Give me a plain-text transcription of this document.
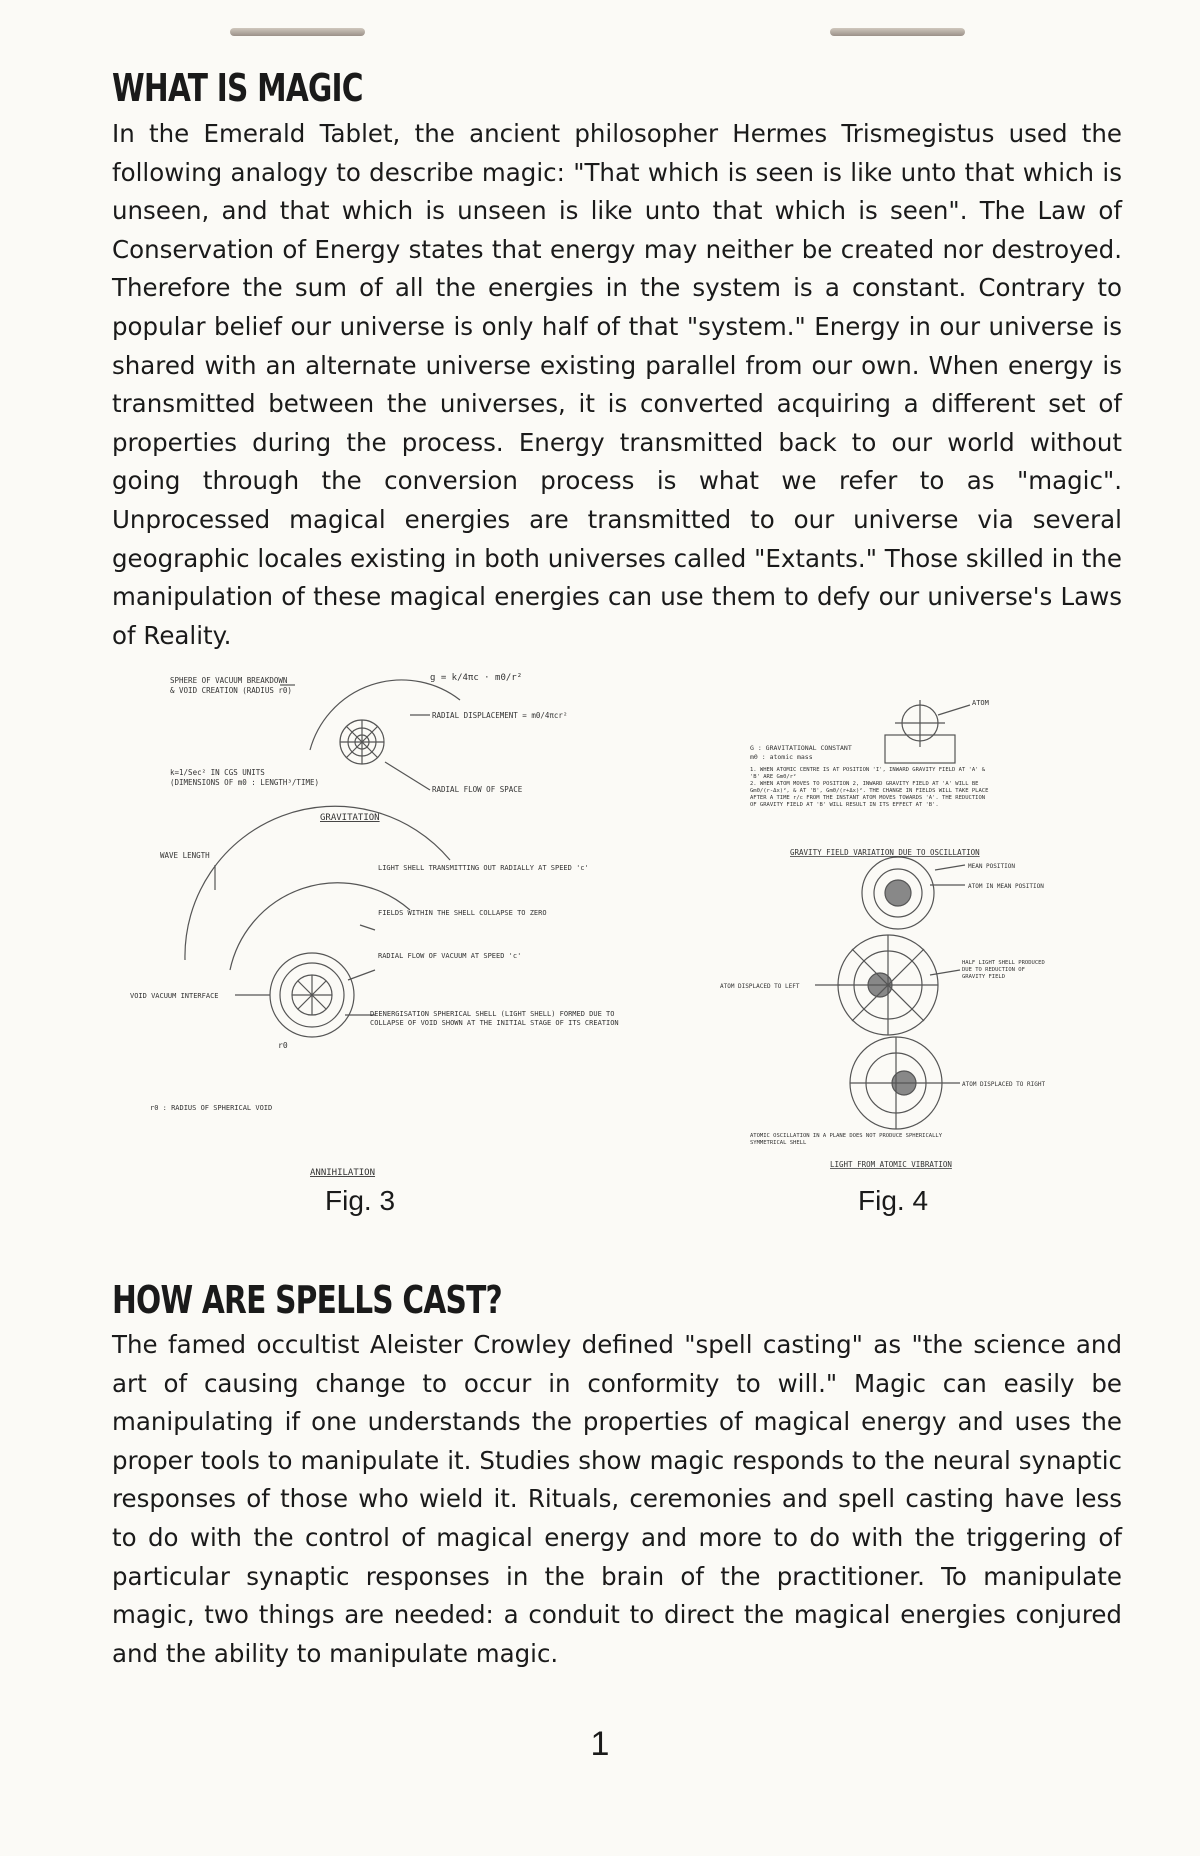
WHAT IS MAGIC

In the Emerald Tablet, the ancient philosopher Hermes Trismegistus used the following analogy to describe magic: "That which is seen is like unto that which is unseen, and that which is unseen is like unto that which is seen". The Law of Conservation of Energy states that energy may neither be created nor destroyed. Therefore the sum of all the energies in the system is a constant. Contrary to popular belief our universe is only half of that "system." Energy in our universe is shared with an alternate universe existing parallel from our own. When energy is transmitted between the universes, it is converted acquiring a different set of properties during the process. Energy transmitted back to our world without going through the conversion process is what we refer to as "magic". Unprocessed magical energies are transmitted to our universe via several geographic locales existing in both universes called "Extants." Those skilled in the manipulation of these magical energies can use them to defy our universe's Laws of Reality.

SPHERE OF VACUUM BREAKDOWN
& VOID CREATION (RADIUS r0)
k=1/Sec² IN CGS UNITS
(DIMENSIONS OF m0 : LENGTH³/TIME)
g = k/4πc · m0/r²
RADIAL DISPLACEMENT = m0/4πcr²
RADIAL FLOW OF SPACE
GRAVITATION
WAVE LENGTH
LIGHT SHELL TRANSMITTING OUT RADIALLY AT SPEED 'c'
FIELDS WITHIN THE SHELL COLLAPSE TO ZERO
RADIAL FLOW OF VACUUM AT SPEED 'c'
VOID VACUUM INTERFACE
DEENERGISATION SPHERICAL SHELL (LIGHT SHELL) FORMED DUE TO COLLAPSE OF VOID SHOWN AT THE INITIAL STAGE OF ITS CREATION
r0
r0 : RADIUS OF SPHERICAL VOID
ANNIHILATION
Fig. 3
ATOM
G : GRAVITATIONAL CONSTANT
m0 : atomic mass
1. WHEN ATOMIC CENTRE IS AT POSITION 'I', INWARD GRAVITY FIELD AT 'A' & 'B' ARE Gm0/r²
2. WHEN ATOM MOVES TO POSITION 2, INWARD GRAVITY FIELD AT 'A' WILL BE Gm0/(r-Δx)², & AT 'B', Gm0/(r+Δx)². THE CHANGE IN FIELDS WILL TAKE PLACE AFTER A TIME r/c FROM THE INSTANT ATOM MOVES TOWARDS 'A'. THE REDUCTION OF GRAVITY FIELD AT 'B' WILL RESULT IN ITS EFFECT AT 'B'.
GRAVITY FIELD VARIATION DUE TO OSCILLATION
MEAN POSITION
ATOM IN MEAN POSITION
ATOM DISPLACED TO LEFT
HALF LIGHT SHELL PRODUCED DUE TO REDUCTION OF GRAVITY FIELD
ATOM DISPLACED TO RIGHT
ATOMIC OSCILLATION IN A PLANE DOES NOT PRODUCE SPHERICALLY SYMMETRICAL SHELL
LIGHT FROM ATOMIC VIBRATION
Fig. 4
HOW ARE SPELLS CAST?

The famed occultist Aleister Crowley defined "spell casting" as "the science and art of causing change to occur in conformity to will." Magic can easily be manipulating if one understands the properties of magical energy and uses the proper tools to manipulate it. Studies show magic responds to the neural synaptic responses of those who wield it. Rituals, ceremonies and spell casting have less to do with the control of magical energy and more to do with the triggering of particular synaptic responses in the brain of the practitioner. To manipulate magic, two things are needed: a conduit to direct the magical energies conjured and the ability to manipulate magic.

1
